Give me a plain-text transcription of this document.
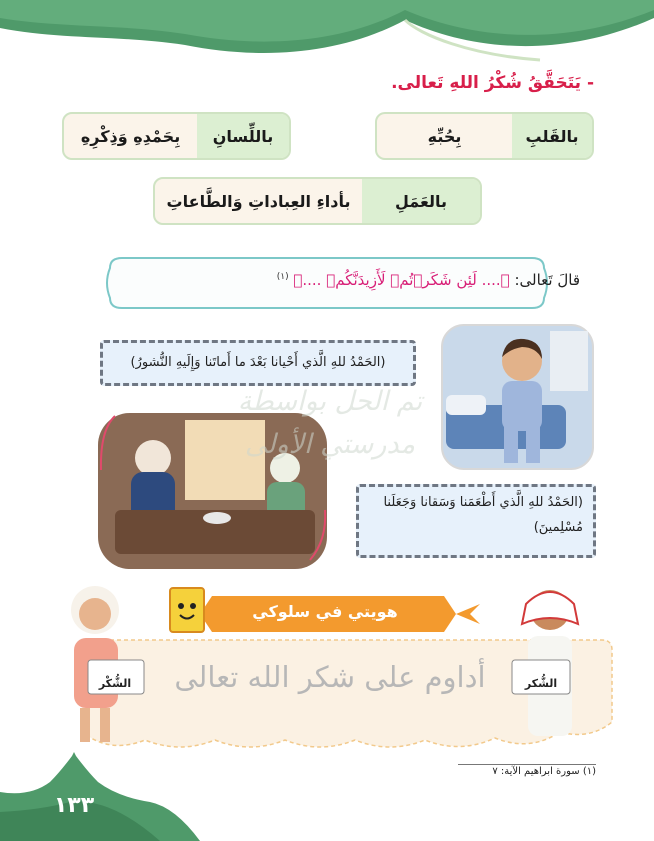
- يَتَحَقَّقُ شُكْرُ اللهِ تَعالى.
بالقَلبِ
بِحُبِّهِ
باللِّسانِ
بِحَمْدِهِ وَذِكْرِهِ
بالعَمَلِ
بأداءِ العِباداتِ وَالطَّاعاتِ
قالَ تَعالى: ﴿.... لَئِن شَكَرۡتُمۡ لَأَزِيدَنَّكُمۡ ....﴾ $^{(١)}$
(الحَمْدُ للهِ الَّذي أَحْيانا بَعْدَ ما أَماتَنا وَإِلَيهِ النُّشورُ)
(الحَمْدُ للهِ الَّذي أَطْعَمَنا وَسَقانا وَجَعَلَنا مُسْلِمينَ)
تم الحل بواسطة
مدرستي الأولى
هويتي في سلوكي
أداوم على شكر الله تعالى
الشُّكْر	الشُّكر
(١) سورة ابراهيم الآية: ٧
١٣٣
